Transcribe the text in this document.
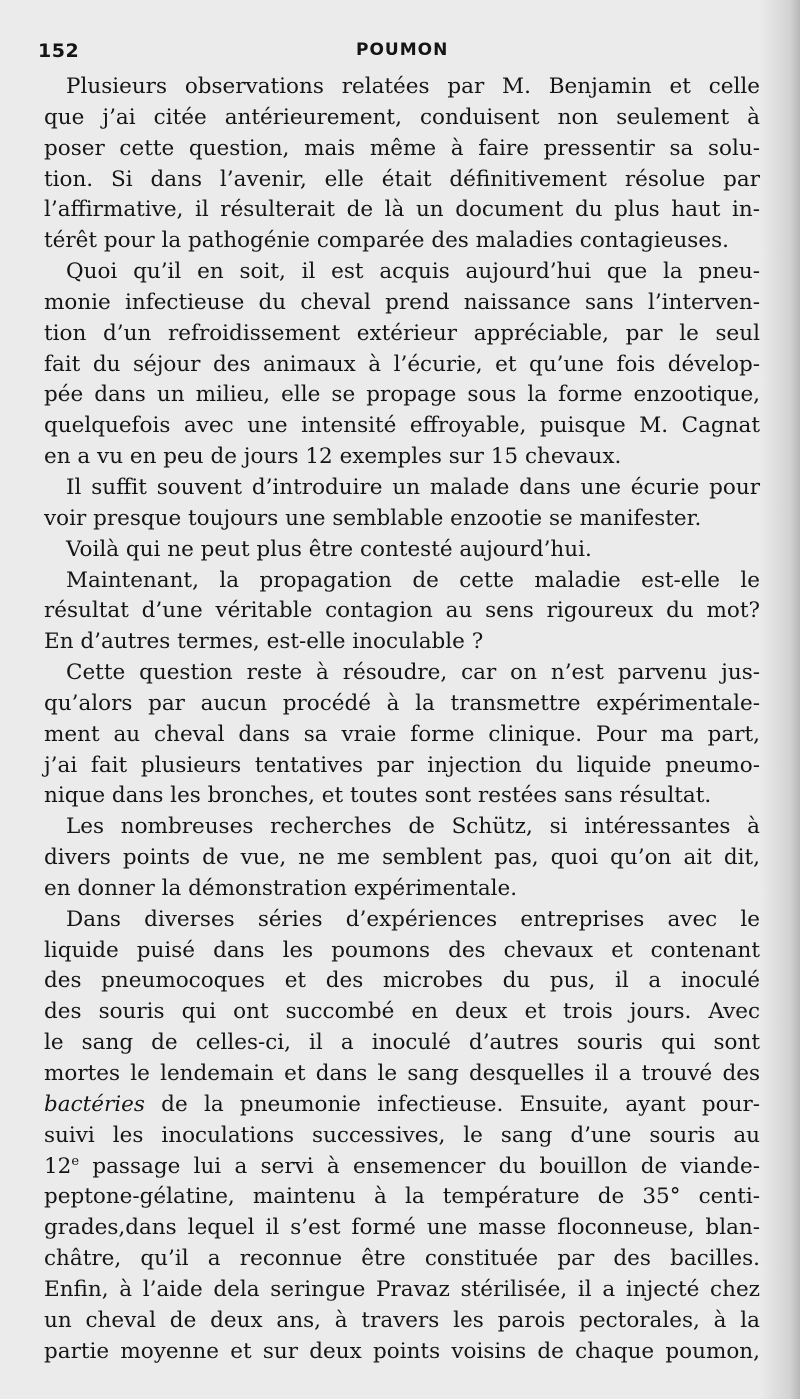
152	POUMON
Plusieurs observations relatées par M. Benjamin et celle
que j’ai citée antérieurement, conduisent non seulement à
poser cette question, mais même à faire pressentir sa solu-
tion. Si dans l’avenir, elle était définitivement résolue par
l’affirmative, il résulterait de là un document du plus haut in-
térêt pour la pathogénie comparée des maladies contagieuses.
Quoi qu’il en soit, il est acquis aujourd’hui que la pneu-
monie infectieuse du cheval prend naissance sans l’interven-
tion d’un refroidissement extérieur appréciable, par le seul
fait du séjour des animaux à l’écurie, et qu’une fois dévelop-
pée dans un milieu, elle se propage sous la forme enzootique,
quelquefois avec une intensité effroyable, puisque M. Cagnat
en a vu en peu de jours 12 exemples sur 15 chevaux.
Il suffit souvent d’introduire un malade dans une écurie pour
voir presque toujours une semblable enzootie se manifester.
Voilà qui ne peut plus être contesté aujourd’hui.
Maintenant, la propagation de cette maladie est-elle le
résultat d’une véritable contagion au sens rigoureux du mot?
En d’autres termes, est-elle inoculable ?
Cette question reste à résoudre, car on n’est parvenu jus-
qu’alors par aucun procédé à la transmettre expérimentale-
ment au cheval dans sa vraie forme clinique. Pour ma part,
j’ai fait plusieurs tentatives par injection du liquide pneumo-
nique dans les bronches, et toutes sont restées sans résultat.
Les nombreuses recherches de Schütz, si intéressantes à
divers points de vue, ne me semblent pas, quoi qu’on ait dit,
en donner la démonstration expérimentale.
Dans diverses séries d’expériences entreprises avec le
liquide puisé dans les poumons des chevaux et contenant
des pneumocoques et des microbes du pus, il a inoculé
des souris qui ont succombé en deux et trois jours. Avec
le sang de celles-ci, il a inoculé d’autres souris qui sont
mortes le lendemain et dans le sang desquelles il a trouvé des
bactéries de la pneumonie infectieuse. Ensuite, ayant pour-
suivi les inoculations successives, le sang d’une souris au
12e passage lui a servi à ensemencer du bouillon de viande-
peptone-gélatine, maintenu à la température de 35° centi-
grades,dans lequel il s’est formé une masse floconneuse, blan-
châtre, qu’il a reconnue être constituée par des bacilles.
Enfin, à l’aide dela seringue Pravaz stérilisée, il a injecté chez
un cheval de deux ans, à travers les parois pectorales, à la
partie moyenne et sur deux points voisins de chaque poumon,
